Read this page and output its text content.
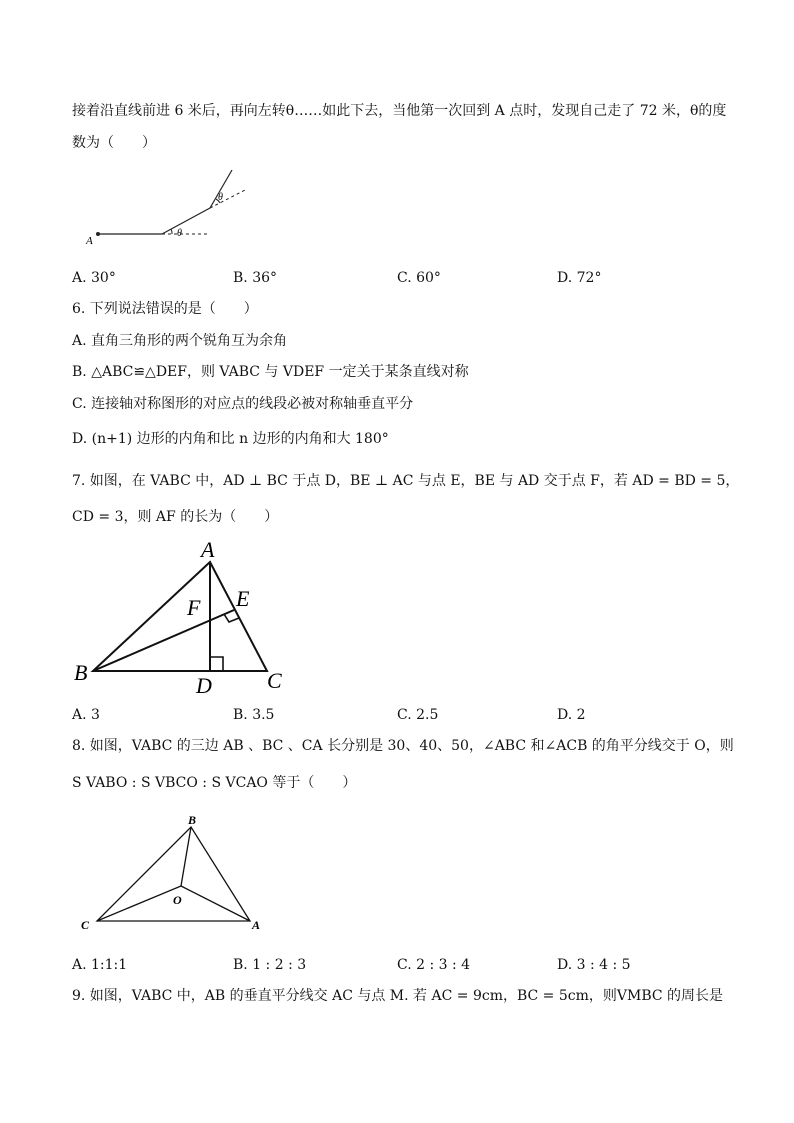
接着沿直线前进 6 米后，再向左转θ……如此下去，当他第一次回到 A 点时，发现自己走了 72 米，θ的度
数为（　　）
A
θ
θ
A. 30°	B. 36°	C. 60°	D. 72°
6. 下列说法错误的是（　　）
A. 直角三角形的两个锐角互为余角
B. △ABC≌△DEF，则 VABC 与 VDEF 一定关于某条直线对称
C. 连接轴对称图形的对应点的线段必被对称轴垂直平分
D. (n+1) 边形的内角和比 n 边形的内角和大 180°
7. 如图，在 VABC 中，AD ⊥ BC 于点 D，BE ⊥ AC 与点 E，BE 与 AD 交于点 F，若 AD = BD = 5，
CD = 3，则 AF 的长为（　　）
A
B	C
D
E
F
A. 3	B. 3.5	C. 2.5	D. 2
8. 如图，VABC 的三边 AB 、BC 、CA 长分别是 30、40、50，∠ABC 和∠ACB 的角平分线交于 O，则
S VABO : S VBCO : S VCAO 等于（　　）
B
C	A
O
A. 1:1:1	B. 1 : 2 : 3	C. 2 : 3 : 4	D. 3 : 4 : 5
9. 如图，VABC 中，AB 的垂直平分线交 AC 与点 M. 若 AC = 9cm，BC = 5cm，则VMBC 的周长是
